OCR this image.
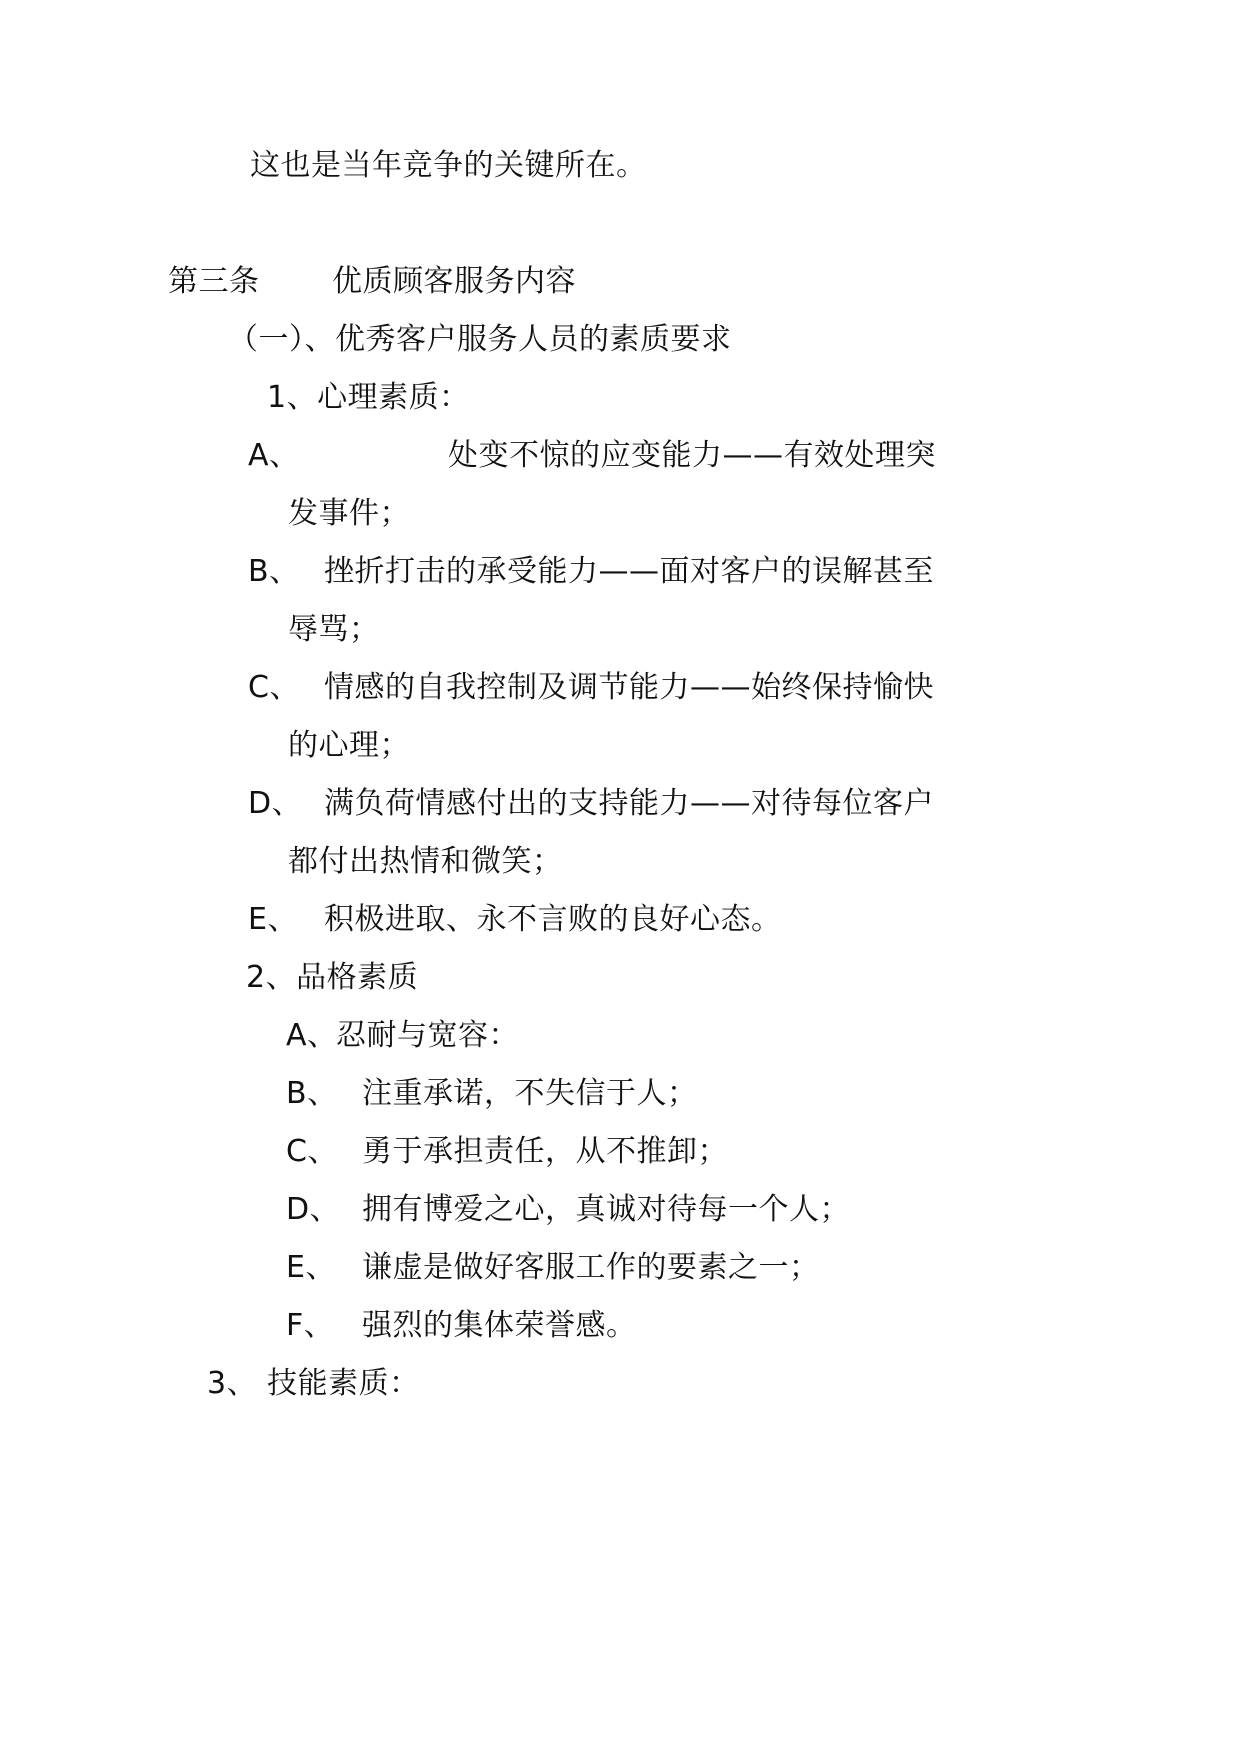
这也是当年竞争的关键所在。
第三条 优质顾客服务内容
（一）、优秀客户服务人员的素质要求
1、心理素质：
A、	处变不惊的应变能力——有效处理突
发事件；
B、 挫折打击的承受能力——面对客户的误解甚至
辱骂；
C、 情感的自我控制及调节能力——始终保持愉快
的心理；
D、 满负荷情感付出的支持能力——对待每位客户
都付出热情和微笑；
E、 积极进取、永不言败的良好心态。
2、品格素质
A、
忍耐与宽容：
B、 注重承诺，不失信于人；
C、 勇于承担责任，从不推卸；
D、 拥有博爱之心，真诚对待每一个人；
E、 谦虚是做好客服工作的要素之一；
F、 强烈的集体荣誉感。
3、 技能素质：
